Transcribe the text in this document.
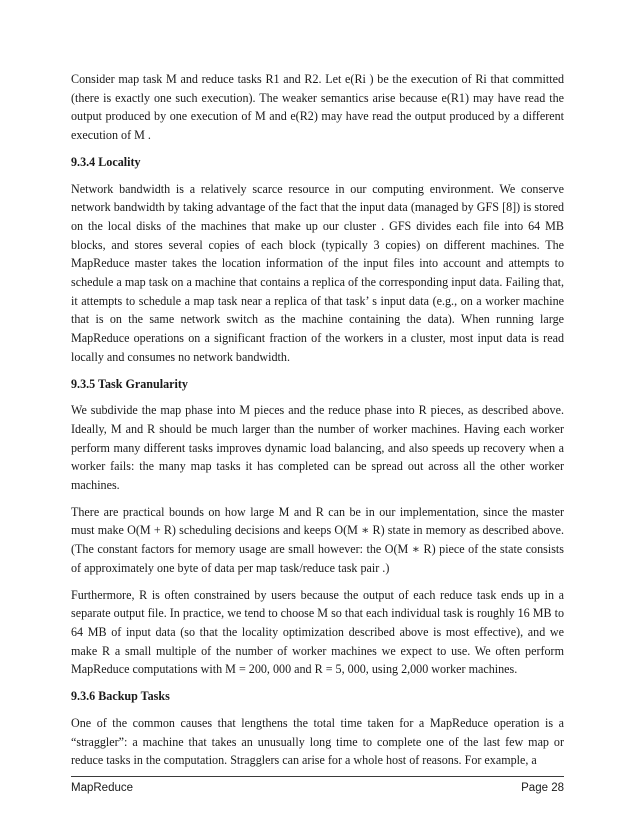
Consider map task M and reduce tasks R1 and R2. Let e(Ri ) be the execution of Ri that committed (there is exactly one such execution). The weaker semantics arise because e(R1) may have read the output produced by one execution of M and e(R2) may have read the output produced by a different execution of M .

9.3.4 Locality

Network bandwidth is a relatively scarce resource in our computing environment. We conserve network bandwidth by taking advantage of the fact that the input data (managed by GFS [8]) is stored on the local disks of the machines that make up our cluster . GFS divides each file into 64 MB blocks, and stores several copies of each block (typically 3 copies) on different machines. The MapReduce master takes the location information of the input files into account and attempts to schedule a map task on a machine that contains a replica of the corresponding input data. Failing that, it attempts to schedule a map task near a replica of that task’ s input data (e.g., on a worker machine that is on the same network switch as the machine containing the data). When running large MapReduce operations on a significant fraction of the workers in a cluster, most input data is read locally and consumes no network bandwidth.

9.3.5 Task Granularity

We subdivide the map phase into M pieces and the reduce phase into R pieces, as described above. Ideally, M and R should be much larger than the number of worker machines. Having each worker perform many different tasks improves dynamic load balancing, and also speeds up recovery when a worker fails: the many map tasks it has completed can be spread out across all the other worker machines.

There are practical bounds on how large M and R can be in our implementation, since the master must make O(M + R) scheduling decisions and keeps O(M ∗ R) state in memory as described above. (The constant factors for memory usage are small however: the O(M ∗ R) piece of the state consists of approximately one byte of data per map task/reduce task pair .)

Furthermore, R is often constrained by users because the output of each reduce task ends up in a separate output file. In practice, we tend to choose M so that each individual task is roughly 16 MB to 64 MB of input data (so that the locality optimization described above is most effective), and we make R a small multiple of the number of worker machines we expect to use. We often perform MapReduce computations with M = 200, 000 and R = 5, 000, using 2,000 worker machines.

9.3.6 Backup Tasks

One of the common causes that lengthens the total time taken for a MapReduce operation is a “straggler”: a machine that takes an unusually long time to complete one of the last few map or reduce tasks in the computation. Stragglers can arise for a whole host of reasons. For example, a

MapReduce	Page 28
